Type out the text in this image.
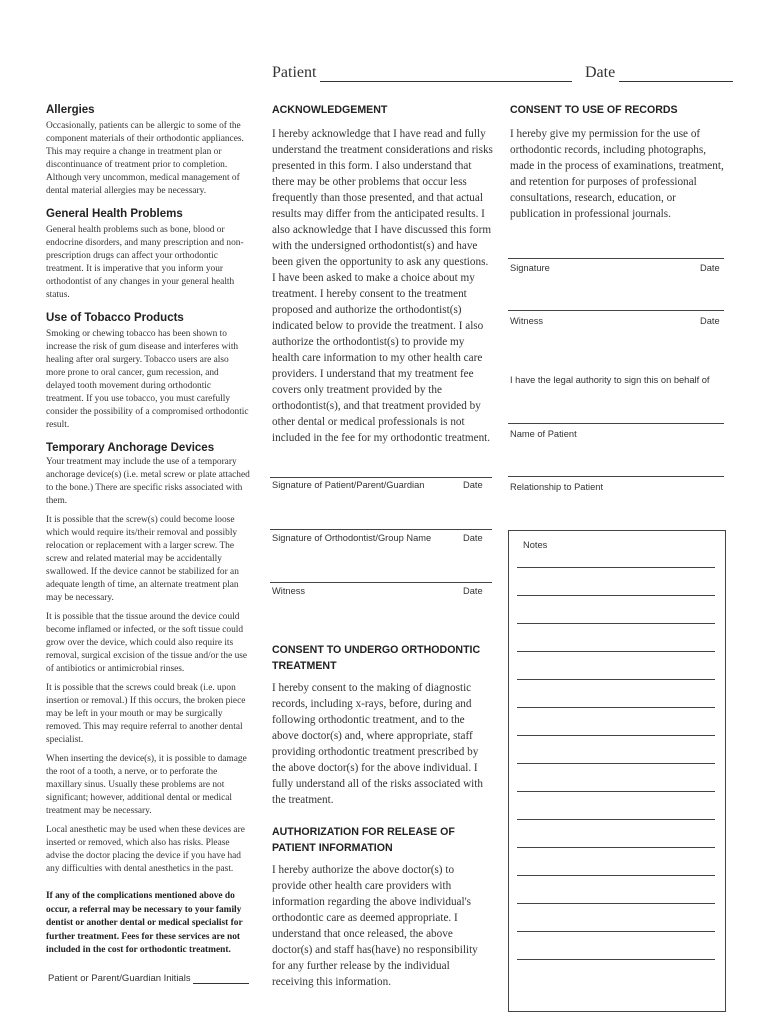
Patient	Date
Allergies

Occasionally, patients can be allergic to some of the component materials of their orthodontic appliances. This may require a change in treatment plan or discontinuance of treatment prior to completion. Although very uncommon, medical management of dental material allergies may be necessary.

General Health Problems

General health problems such as bone, blood or endocrine disorders, and many prescription and non-prescription drugs can affect your orthodontic treatment. It is imperative that you inform your orthodontist of any changes in your general health status.

Use of Tobacco Products

Smoking or chewing tobacco has been shown to increase the risk of gum disease and interferes with healing after oral surgery. Tobacco users are also more prone to oral cancer, gum recession, and delayed tooth movement during orthodontic treatment. If you use tobacco, you must carefully consider the possibility of a compromised orthodontic result.

Temporary Anchorage Devices

Your treatment may include the use of a temporary anchorage device(s) (i.e. metal screw or plate attached to the bone.) There are specific risks associated with them.

It is possible that the screw(s) could become loose which would require its/their removal and possibly relocation or replacement with a larger screw. The screw and related material may be accidentally swallowed. If the device cannot be stabilized for an adequate length of time, an alternate treatment plan may be necessary.

It is possible that the tissue around the device could become inflamed or infected, or the soft tissue could grow over the device, which could also require its removal, surgical excision of the tissue and/or the use of antibiotics or antimicrobial rinses.

It is possible that the screws could break (i.e. upon insertion or removal.) If this occurs, the broken piece may be left in your mouth or may be surgically removed. This may require referral to another dental specialist.

When inserting the device(s), it is possible to damage the root of a tooth, a nerve, or to perforate the maxillary sinus. Usually these problems are not significant; however, additional dental or medical treatment may be necessary.

Local anesthetic may be used when these devices are inserted or removed, which also has risks. Please advise the doctor placing the device if you have had any difficulties with dental anesthetics in the past.

If any of the complications mentioned above do occur, a referral may be necessary to your family dentist or another dental or medical specialist for further treatment. Fees for these services are not included in the cost for orthodontic treatment.

Patient or Parent/Guardian Initials
ACKNOWLEDGEMENT

I hereby acknowledge that I have read and fully understand the treatment considerations and risks presented in this form. I also understand that there may be other problems that occur less frequently than those presented, and that actual results may differ from the anticipated results. I also acknowledge that I have discussed this form with the undersigned orthodontist(s) and have been given the opportunity to ask any questions. I have been asked to make a choice about my treatment. I hereby consent to the treatment proposed and authorize the orthodontist(s) indicated below to provide the treatment. I also authorize the orthodontist(s) to provide my health care information to my other health care providers. I understand that my treatment fee covers only treatment provided by the orthodontist(s), and that treatment provided by other dental or medical professionals is not included in the fee for my orthodontic treatment.

Signature of Patient/Parent/Guardian	Date
Signature of Orthodontist/Group Name	Date
Witness	Date
CONSENT TO UNDERGO ORTHODONTIC TREATMENT

I hereby consent to the making of diagnostic records, including x-rays, before, during and following orthodontic treatment, and to the above doctor(s) and, where appropriate, staff providing orthodontic treatment prescribed by the above doctor(s) for the above individual. I fully understand all of the risks associated with the treatment.

AUTHORIZATION FOR RELEASE OF PATIENT INFORMATION

I hereby authorize the above doctor(s) to provide other health care providers with information regarding the above individual's orthodontic care as deemed appropriate. I understand that once released, the above doctor(s) and staff has(have) no responsibility for any further release by the individual receiving this information.

CONSENT TO USE OF RECORDS

I hereby give my permission for the use of orthodontic records, including photographs, made in the process of examinations, treatment, and retention for purposes of professional consultations, research, education, or publication in professional journals.

Signature	Date
Witness	Date
I have the legal authority to sign this on behalf of
Name of Patient
Relationship to Patient
Notes
